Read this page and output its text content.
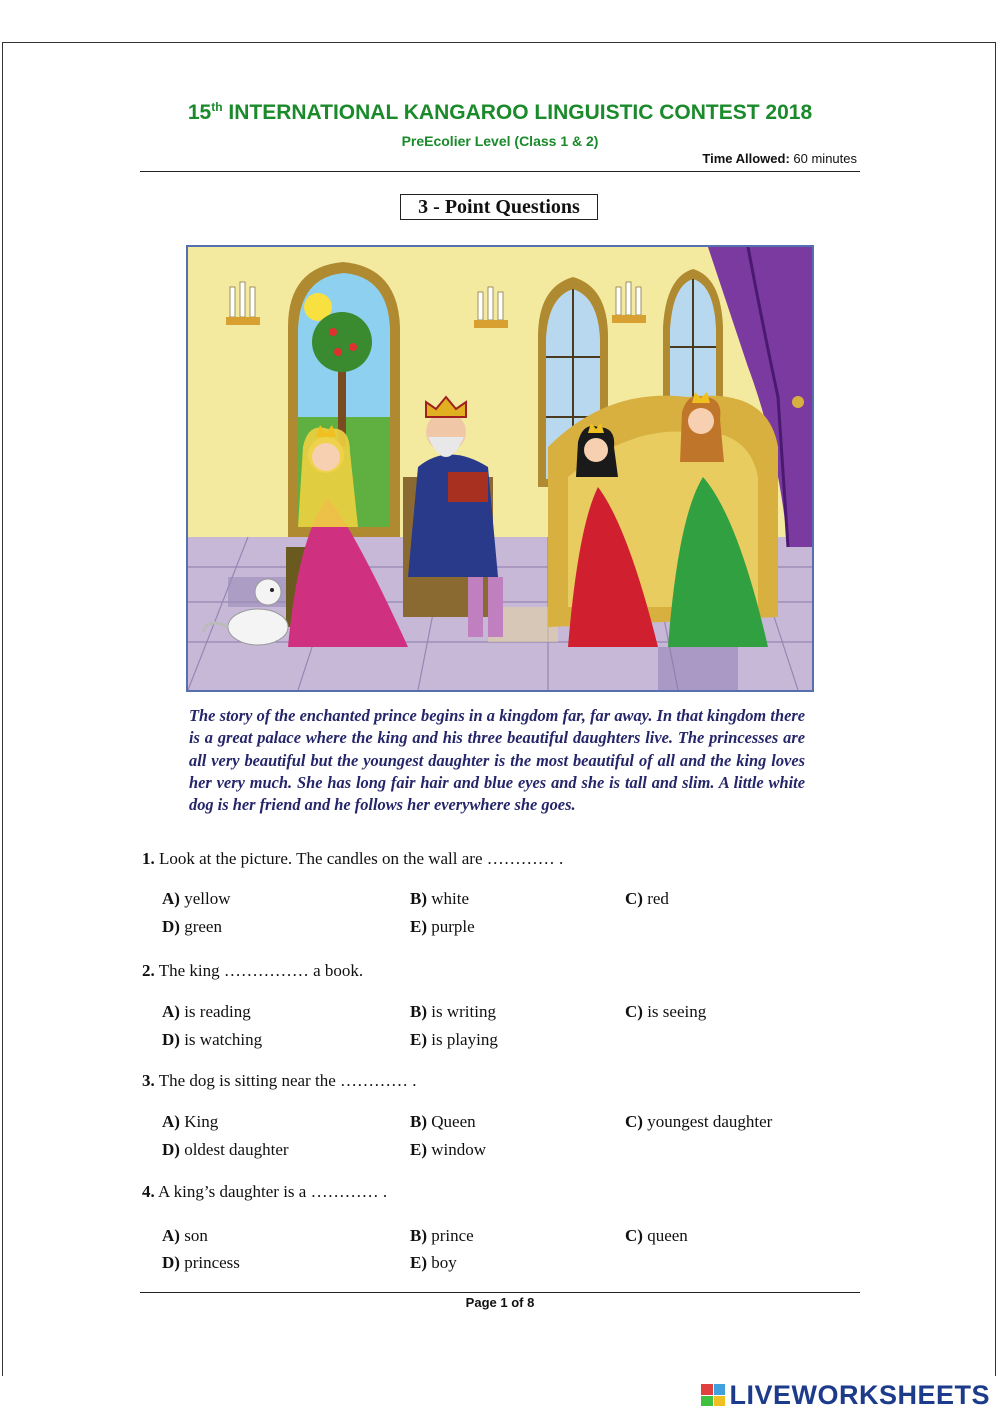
15th INTERNATIONAL KANGAROO LINGUISTIC CONTEST 2018
PreEcolier Level (Class 1 & 2)
Time Allowed: 60 minutes
3 - Point Questions
The story of the enchanted prince begins in a kingdom far, far away. In that kingdom there is a great palace where the king and his three beautiful daughters live. The princesses are all very beautiful but the youngest daughter is the most beautiful of all and the king loves her very much. She has long fair hair and blue eyes and she is tall and slim. A little white dog is her friend and he follows her everywhere she goes.
1. Look at the picture. The candles on the wall are ………… .
A) yellow	B) white	C) red
D) green	E) purple
2. The king …………… a book.
A) is reading	B) is writing	C) is seeing
D) is watching	E) is playing
3. The dog is sitting near the ………… .
A) King	B) Queen	C) youngest daughter
D) oldest daughter	E) window
4. A king’s daughter is a ………… .
A) son	B) prince	C) queen
D) princess	E) boy
Page 1 of 8
LIVEWORKSHEETS
